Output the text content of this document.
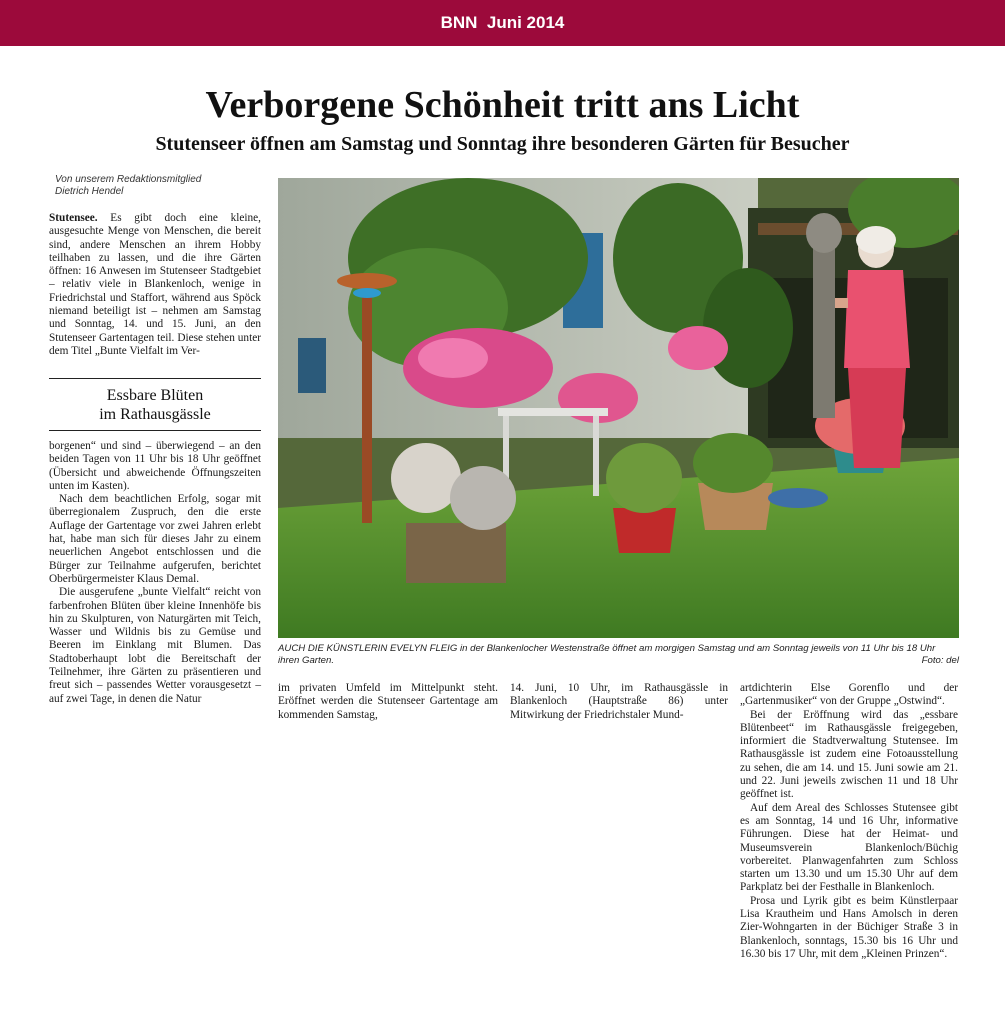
BNN  Juni 2014
Verborgene Schönheit tritt ans Licht
Stutenseer öffnen am Samstag und Sonntag ihre besonderen Gärten für Besucher
Von unserem Redaktionsmitglied
Dietrich Hendel

Stutensee. Es gibt doch eine kleine, ausgesuchte Menge von Menschen, die bereit sind, andere Menschen an ihrem Hobby teilhaben zu lassen, und die ihre Gärten öffnen: 16 Anwesen im Stutenseer Stadtgebiet – relativ viele in Blankenloch, wenige in Friedrichstal und Staffort, während aus Spöck niemand beteiligt ist – nehmen am Samstag und Sonntag, 14. und 15. Juni, an den Stutenseer Gartentagen teil. Diese stehen unter dem Titel „Bunte Vielfalt im Ver-

Essbare Blüten
im Rathausgässle

borgenen“ und sind – überwiegend – an den beiden Tagen von 11 Uhr bis 18 Uhr geöffnet (Übersicht und abweichende Öffnungszeiten unten im Kasten).

Nach dem beachtlichen Erfolg, sogar mit überregionalem Zuspruch, den die erste Auflage der Gartentage vor zwei Jahren erlebt hat, habe man sich für dieses Jahr zu einem neuerlichen Angebot entschlossen und die Bürger zur Teilnahme aufgerufen, berichtet Oberbürgermeister Klaus Demal.

Die ausgerufene „bunte Vielfalt“ reicht von farbenfrohen Blüten über kleine Innenhöfe bis hin zu Skulpturen, von Naturgärten mit Teich, Wasser und Wildnis bis zu Gemüse und Beeren im Einklang mit Blumen. Das Stadtoberhaupt lobt die Bereitschaft der Teilnehmer, ihre Gärten zu präsentieren und freut sich – passendes Wetter vorausgesetzt – auf zwei Tage, in denen die Natur

AUCH DIE KÜNSTLERIN EVELYN FLEIG in der Blankenlocher Westenstraße öffnet am morgigen Samstag und am Sonntag jeweils von 11 Uhr bis 18 Uhr ihren Garten.	Foto: del

im privaten Umfeld im Mittelpunkt steht. Eröffnet werden die Stutenseer Gartentage am kommenden Samstag,

14. Juni, 10 Uhr, im Rathausgässle in Blankenloch (Hauptstraße 86) unter Mitwirkung der Friedrichstaler Mund-

artdichterin Else Gorenflo und der „Gartenmusiker“ von der Gruppe „Ostwind“.

Bei der Eröffnung wird das „essbare Blütenbeet“ im Rathausgässle freigegeben, informiert die Stadtverwaltung Stutensee. Im Rathausgässle ist zudem eine Fotoausstellung zu sehen, die am 14. und 15. Juni sowie am 21. und 22. Juni jeweils zwischen 11 und 18 Uhr geöffnet ist.

Auf dem Areal des Schlosses Stutensee gibt es am Sonntag, 14 und 16 Uhr, informative Führungen. Diese hat der Heimat- und Museumsverein Blankenloch/Büchig vorbereitet. Planwagenfahrten zum Schloss starten um 13.30 und um 15.30 Uhr auf dem Parkplatz bei der Festhalle in Blankenloch.

Prosa und Lyrik gibt es beim Künstlerpaar Lisa Krautheim und Hans Amolsch in deren Zier-Wohngarten in der Büchiger Straße 3 in Blankenloch, sonntags, 15.30 bis 16 Uhr und 16.30 bis 17 Uhr, mit dem „Kleinen Prinzen“.
